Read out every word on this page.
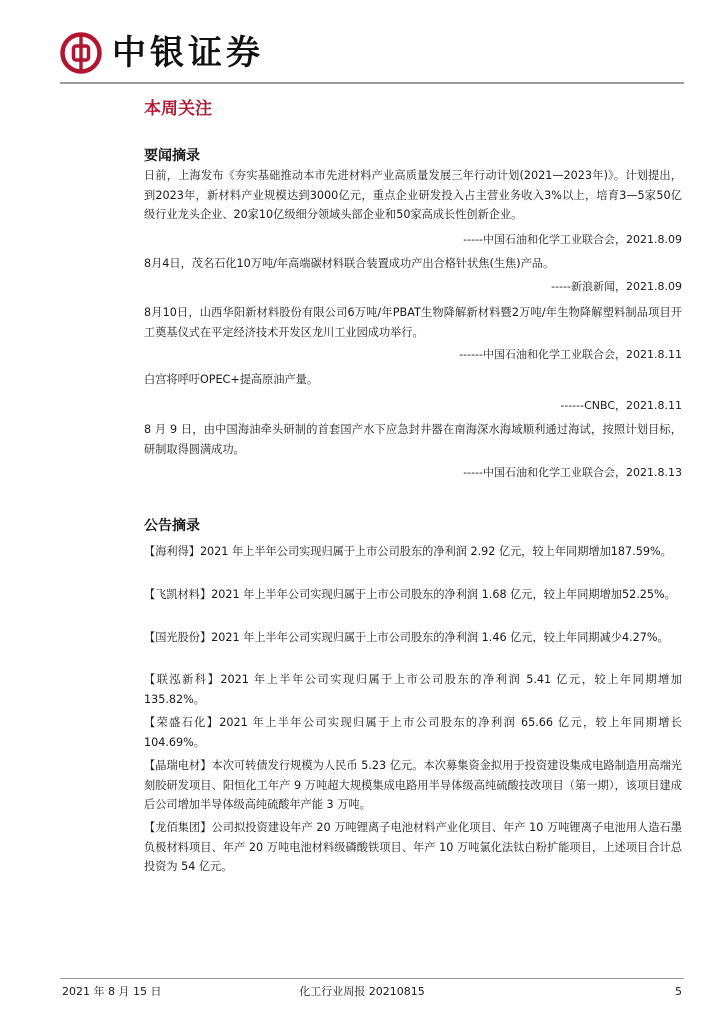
中银证券
本周关注
要闻摘录

日前，上海发布《夯实基础推动本市先进材料产业高质量发展三年行动计划(2021—2023年)》。计划提出，到2023年，新材料产业规模达到3000亿元，重点企业研发投入占主营业务收入3%以上，培育3—5家50亿级行业龙头企业、20家10亿级细分领域头部企业和50家高成长性创新企业。

-----中国石油和化学工业联合会，2021.8.09

8月4日，茂名石化10万吨/年高端碳材料联合装置成功产出合格针状焦(生焦)产品。

-----新浪新闻，2021.8.09

8月10日，山西华阳新材料股份有限公司6万吨/年PBAT生物降解新材料暨2万吨/年生物降解塑料制品项目开工奠基仪式在平定经济技术开发区龙川工业园成功举行。

------中国石油和化学工业联合会，2021.8.11

白宫将呼吁OPEC+提高原油产量。

------CNBC，2021.8.11

8 月 9 日，由中国海油牵头研制的首套国产水下应急封井器在南海深水海域顺利通过海试，按照计划目标，研制取得圆满成功。

-----中国石油和化学工业联合会，2021.8.13
公告摘录

【海利得】2021 年上半年公司实现归属于上市公司股东的净利润 2.92 亿元，较上年同期增加187.59%。

【飞凯材料】2021 年上半年公司实现归属于上市公司股东的净利润 1.68 亿元，较上年同期增加52.25%。

【国光股份】2021 年上半年公司实现归属于上市公司股东的净利润 1.46 亿元，较上年同期减少4.27%。

【联泓新科】2021 年上半年公司实现归属于上市公司股东的净利润 5.41 亿元，较上年同期增加135.82%。

【荣盛石化】2021 年上半年公司实现归属于上市公司股东的净利润 65.66 亿元，较上年同期增长104.69%。

【晶瑞电材】本次可转债发行规模为人民币 5.23 亿元。本次募集资金拟用于投资建设集成电路制造用高端光刻胶研发项目、阳恒化工年产 9 万吨超大规模集成电路用半导体级高纯硫酸技改项目（第一期），该项目建成后公司增加半导体级高纯硫酸年产能 3 万吨。

【龙佰集团】公司拟投资建设年产 20 万吨锂离子电池材料产业化项目、年产 10 万吨锂离子电池用人造石墨负极材料项目、年产 20 万吨电池材料级磷酸铁项目、年产 10 万吨氯化法钛白粉扩能项目，上述项目合计总投资为 54 亿元。

2021 年 8 月 15 日	化工行业周报 20210815	5
